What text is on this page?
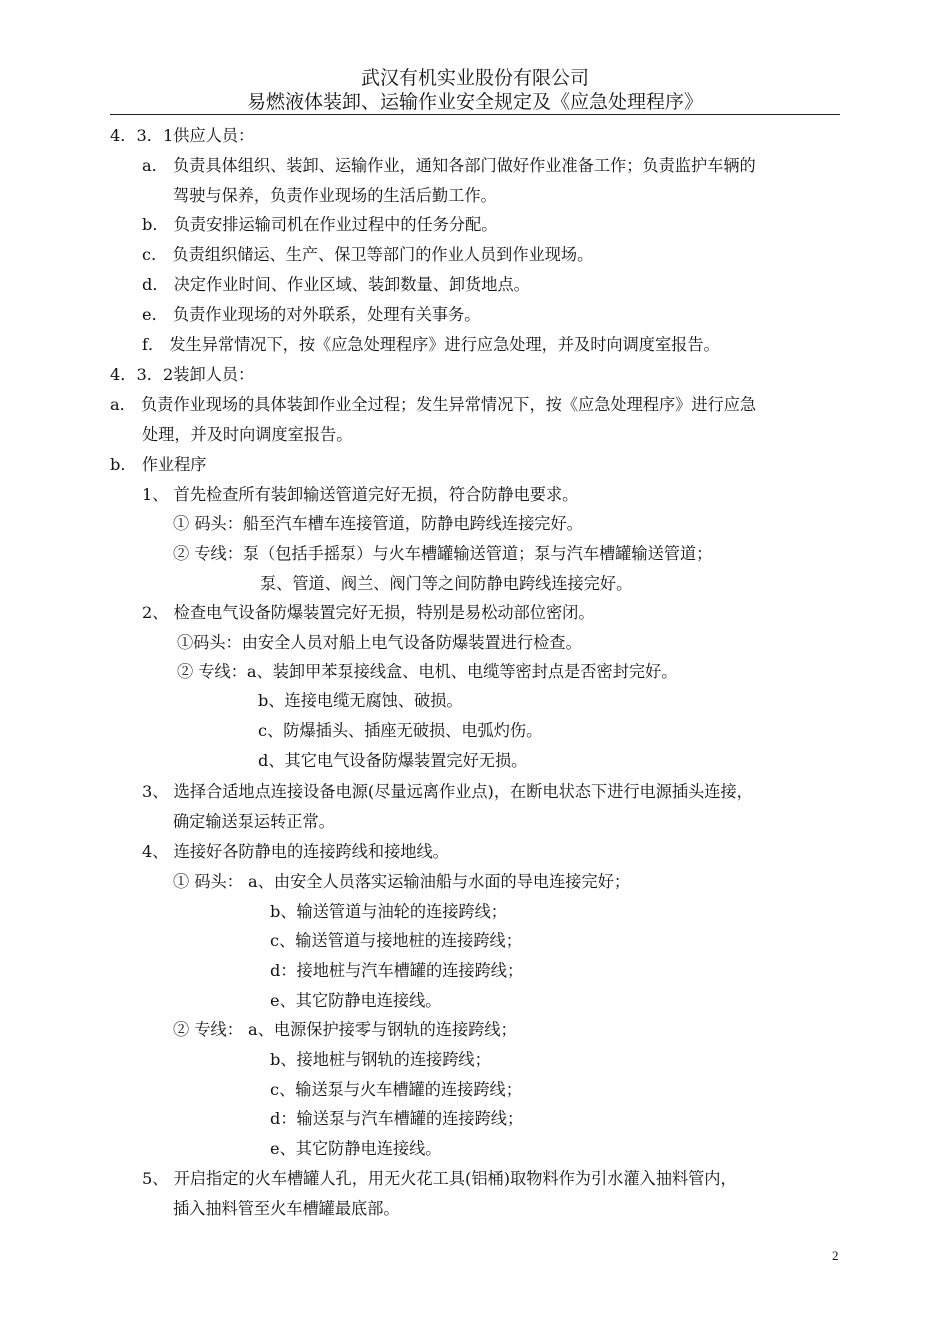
武汉有机实业股份有限公司
易燃液体装卸、运输作业安全规定及《应急处理程序》
4．3．1供应人员：
a． 负责具体组织、装卸、运输作业，通知各部门做好作业准备工作；负责监护车辆的
驾驶与保养，负责作业现场的生活后勤工作。
b． 负责安排运输司机在作业过程中的任务分配。
c． 负责组织储运、生产、保卫等部门的作业人员到作业现场。
d． 决定作业时间、作业区域、装卸数量、卸货地点。
e． 负责作业现场的对外联系，处理有关事务。
f． 发生异常情况下，按《应急处理程序》进行应急处理，并及时向调度室报告。
4．3．2装卸人员：
a． 负责作业现场的具体装卸作业全过程；发生异常情况下，按《应急处理程序》进行应急
处理，并及时向调度室报告。
b． 作业程序
1、 首先检查所有装卸输送管道完好无损，符合防静电要求。
① 码头：船至汽车槽车连接管道，防静电跨线连接完好。
② 专线：泵（包括手摇泵）与火车槽罐输送管道；泵与汽车槽罐输送管道；
泵、管道、阀兰、阀门等之间防静电跨线连接完好。
2、 检查电气设备防爆装置完好无损，特别是易松动部位密闭。
①码头：由安全人员对船上电气设备防爆装置进行检查。
② 专线：a、装卸甲苯泵接线盒、电机、电缆等密封点是否密封完好。
b、连接电缆无腐蚀、破损。
c、防爆插头、插座无破损、电弧灼伤。
d、其它电气设备防爆装置完好无损。
3、 选择合适地点连接设备电源(尽量远离作业点)，在断电状态下进行电源插头连接，
确定输送泵运转正常。
4、 连接好各防静电的连接跨线和接地线。
① 码头： a、由安全人员落实运输油船与水面的导电连接完好；
b、输送管道与油轮的连接跨线；
c、输送管道与接地桩的连接跨线；
d：接地桩与汽车槽罐的连接跨线；
e、其它防静电连接线。
② 专线： a、电源保护接零与钢轨的连接跨线；
b、接地桩与钢轨的连接跨线；
c、输送泵与火车槽罐的连接跨线；
d：输送泵与汽车槽罐的连接跨线；
e、其它防静电连接线。
5、 开启指定的火车槽罐人孔，用无火花工具(铝桶)取物料作为引水灌入抽料管内，
插入抽料管至火车槽罐最底部。
2
